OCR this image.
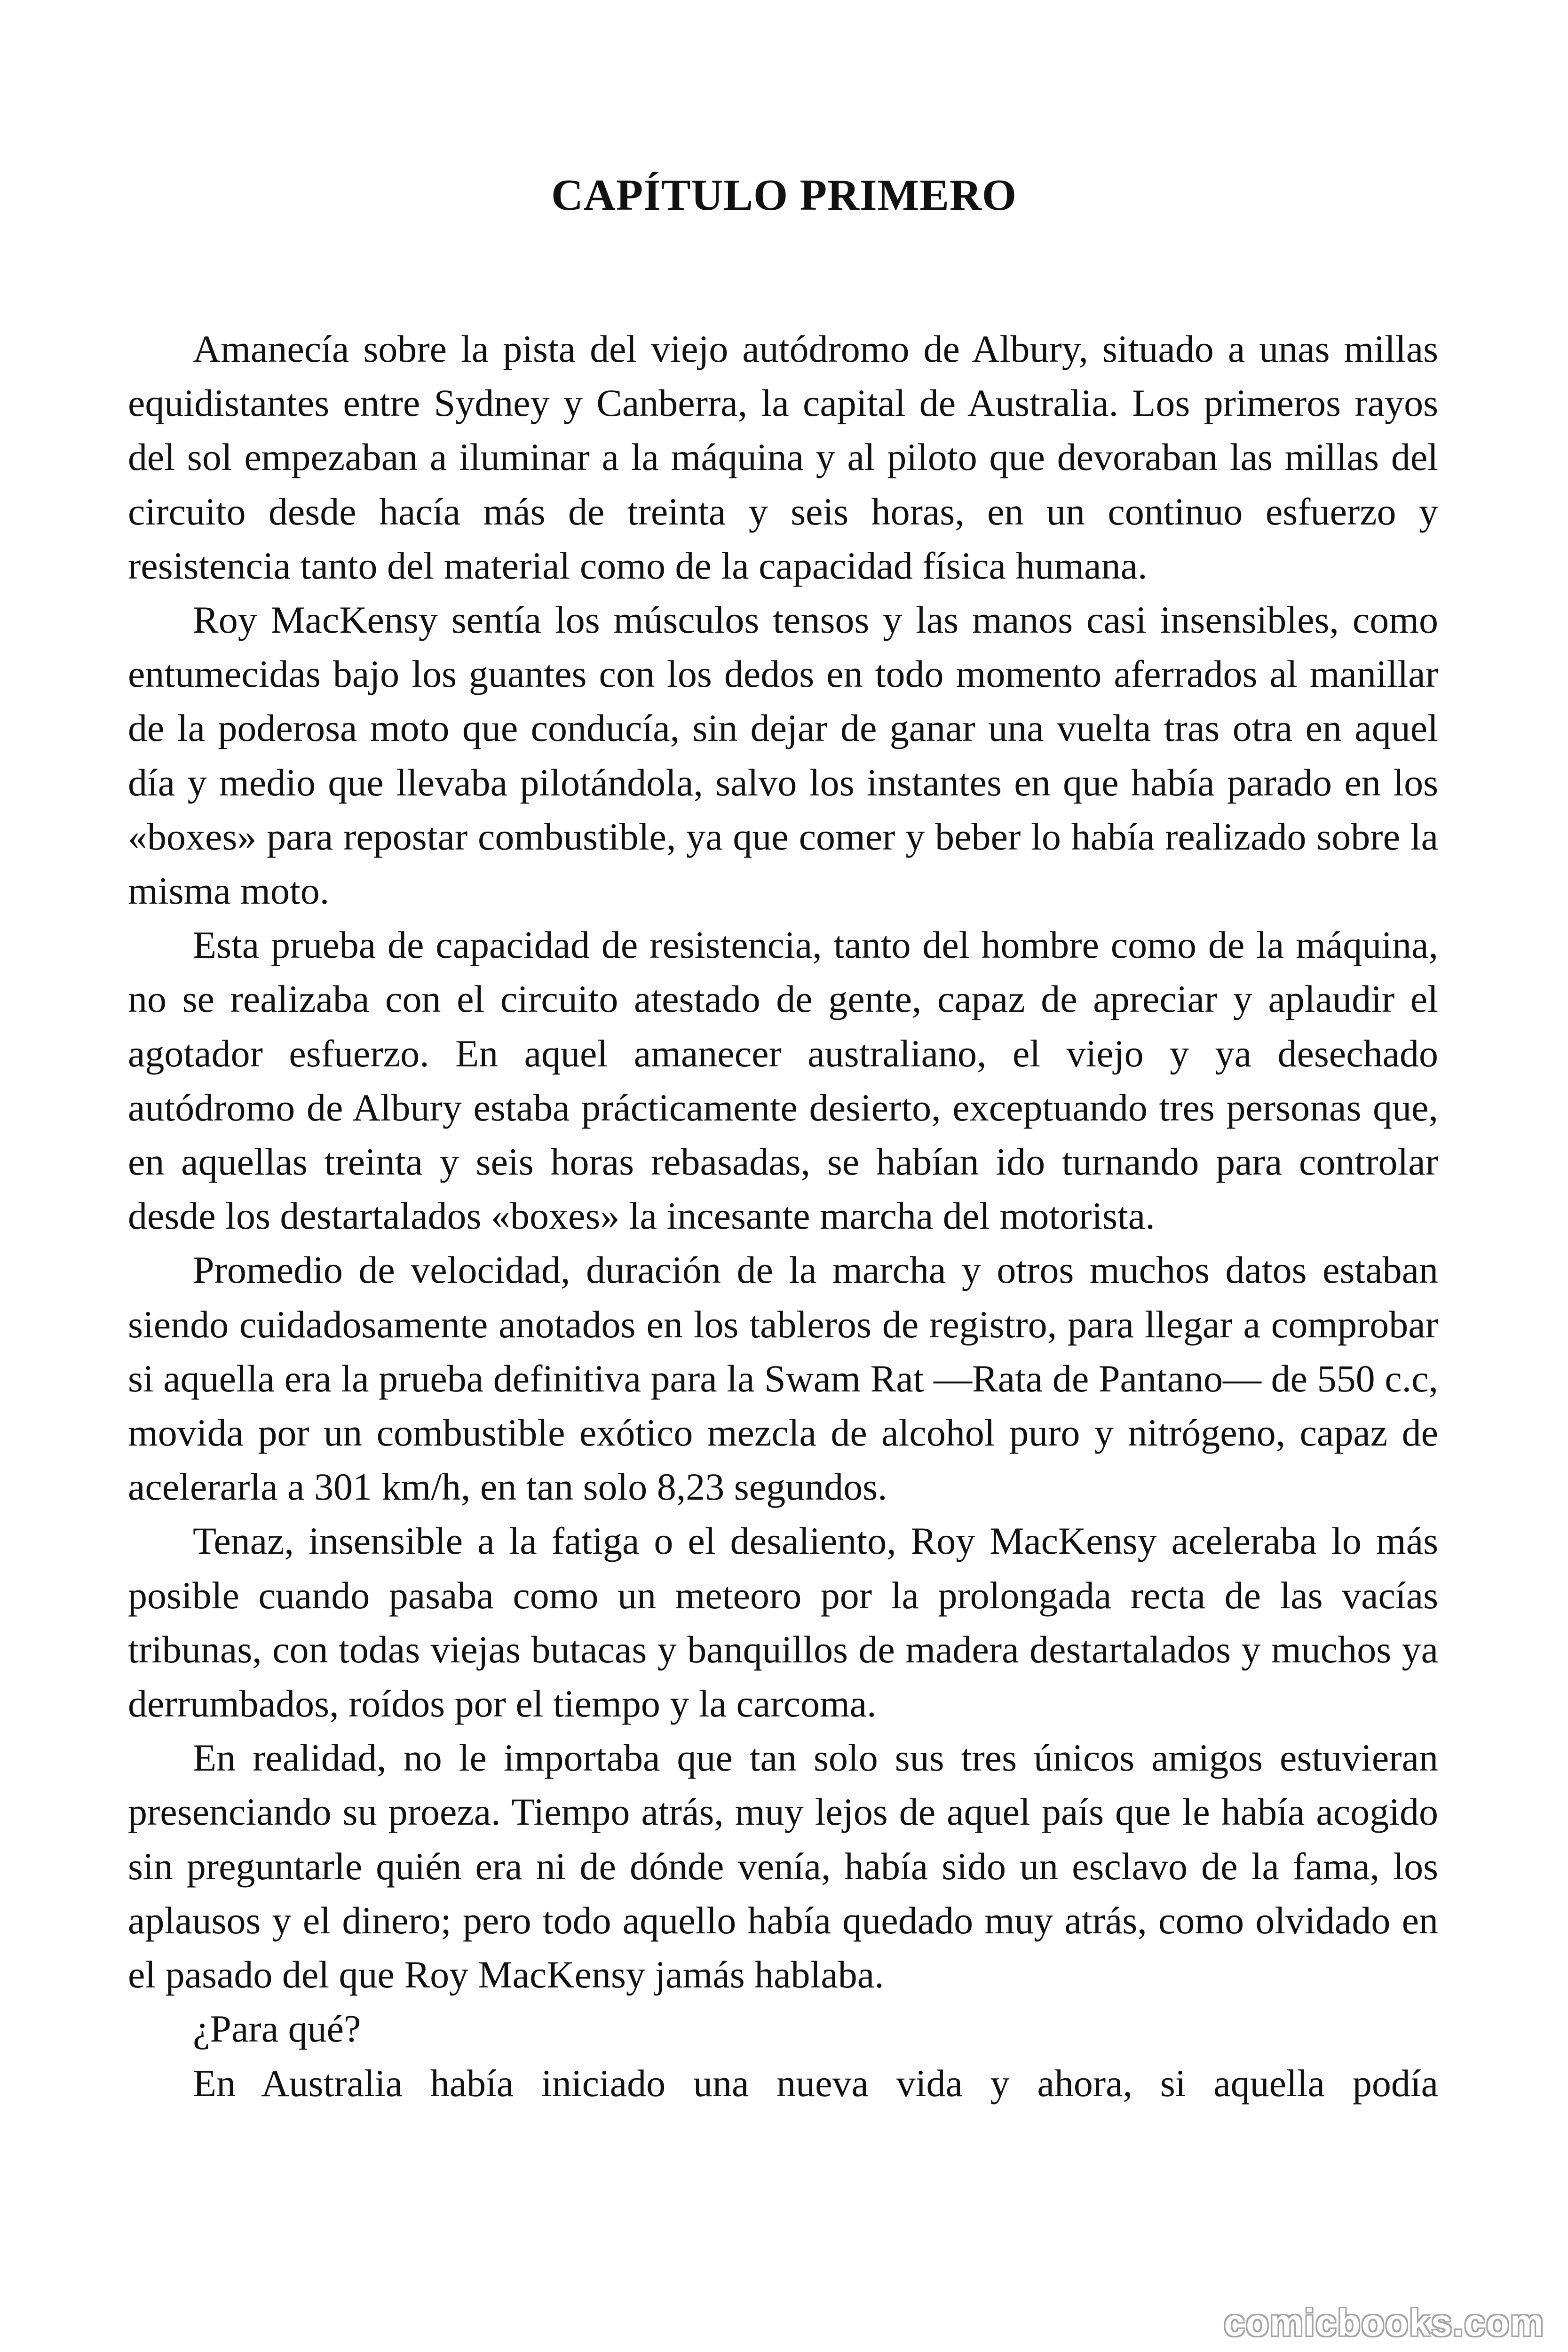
CAPÍTULO PRIMERO

Amanecía sobre la pista del viejo autódromo de Albury, situado a unas millas equidistantes entre Sydney y Canberra, la capital de Australia. Los primeros rayos del sol empezaban a iluminar a la máquina y al piloto que devoraban las millas del circuito desde hacía más de treinta y seis horas, en un continuo esfuerzo y resistencia tanto del material como de la capacidad física humana.

Roy MacKensy sentía los músculos tensos y las manos casi insensibles, como entumecidas bajo los guantes con los dedos en todo momento aferrados al manillar de la poderosa moto que conducía, sin dejar de ganar una vuelta tras otra en aquel día y medio que llevaba pilotándola, salvo los instantes en que había parado en los «boxes» para repostar combustible, ya que comer y beber lo había realizado sobre la misma moto.

Esta prueba de capacidad de resistencia, tanto del hombre como de la máquina, no se realizaba con el circuito atestado de gente, capaz de apreciar y aplaudir el agotador esfuerzo. En aquel amanecer australiano, el viejo y ya desechado autódromo de Albury estaba prácticamente desierto, exceptuando tres personas que, en aquellas treinta y seis horas rebasadas, se habían ido turnando para controlar desde los destartalados «boxes» la incesante marcha del motorista.

Promedio de velocidad, duración de la marcha y otros muchos datos estaban siendo cuidadosamente anotados en los tableros de registro, para llegar a comprobar si aquella era la prueba definitiva para la Swam Rat —Rata de Pantano— de 550 c.c, movida por un combustible exótico mezcla de alcohol puro y nitrógeno, capaz de acelerarla a 301 km/h, en tan solo 8,23 segundos.

Tenaz, insensible a la fatiga o el desaliento, Roy MacKensy aceleraba lo más posible cuando pasaba como un meteoro por la prolongada recta de las vacías tribunas, con todas viejas butacas y banquillos de madera destartalados y muchos ya derrumbados, roídos por el tiempo y la carcoma.

En realidad, no le importaba que tan solo sus tres únicos amigos estuvieran presenciando su proeza. Tiempo atrás, muy lejos de aquel país que le había acogido sin preguntarle quién era ni de dónde venía, había sido un esclavo de la fama, los aplausos y el dinero; pero todo aquello había quedado muy atrás, como olvidado en el pasado del que Roy MacKensy jamás hablaba.

¿Para qué?

En Australia había iniciado una nueva vida y ahora, si aquella podía

comicbooks.com
